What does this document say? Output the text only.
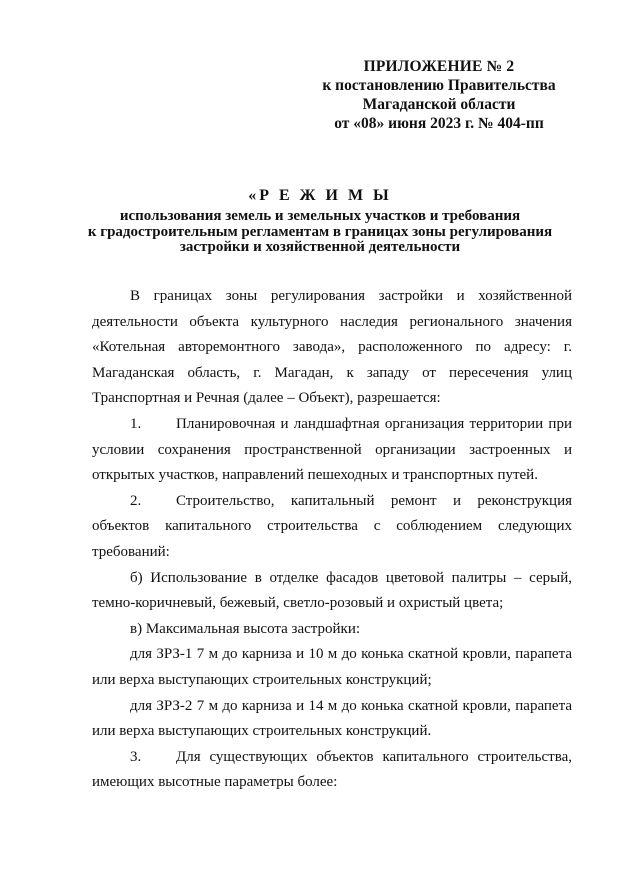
ПРИЛОЖЕНИЕ № 2
к постановлению Правительства
Магаданской области
от «08» июня 2023 г. № 404-пп
«Р Е Ж И М Ы
использования земель и земельных участков и требования
к градостроительным регламентам в границах зоны регулирования
застройки и хозяйственной деятельности

В границах зоны регулирования застройки и хозяйственной деятельности объекта культурного наследия регионального значения «Котельная авторемонтного завода», расположенного по адресу: г. Магаданская область, г. Магадан, к западу от пересечения улиц Транспортная и Речная (далее – Объект), разрешается:

1. Планировочная и ландшафтная организация территории при условии сохранения пространственной организации застроенных и открытых участков, направлений пешеходных и транспортных путей.

2. Строительство, капитальный ремонт и реконструкция объектов капитального строительства с соблюдением следующих требований:

б) Использование в отделке фасадов цветовой палитры – серый, темно-коричневый, бежевый, светло-розовый и охристый цвета;

в) Максимальная высота застройки:

для ЗРЗ-1 7 м до карниза и 10 м до конька скатной кровли, парапета или верха выступающих строительных конструкций;

для ЗРЗ-2 7 м до карниза и 14 м до конька скатной кровли, парапета или верха выступающих строительных конструкций.

3. Для существующих объектов капитального строительства, имеющих высотные параметры более:
